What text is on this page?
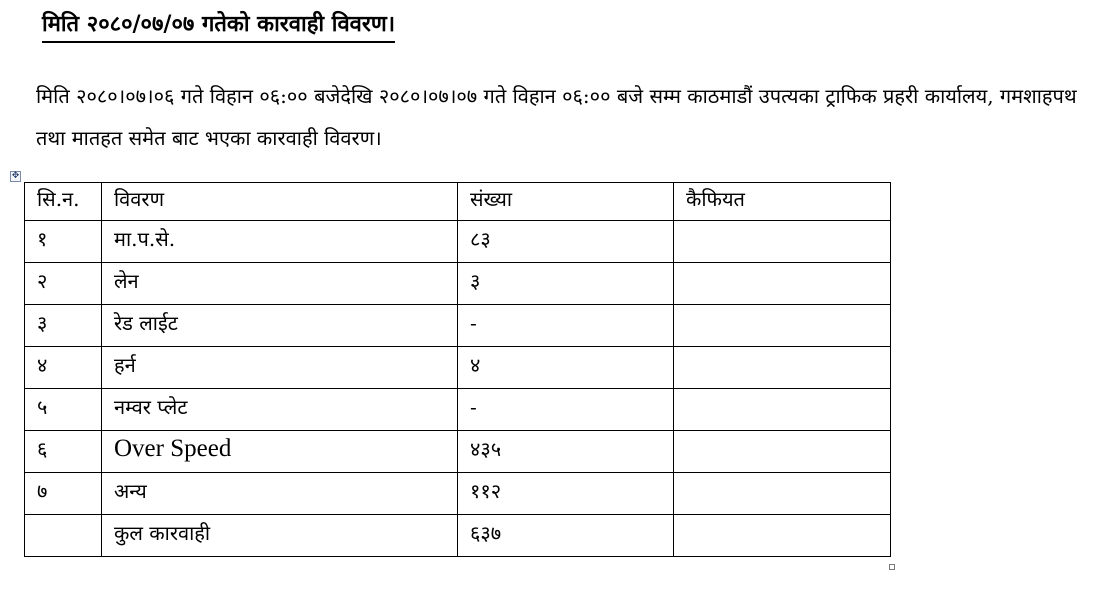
मिति २०८०/०७/०७ गतेको कारवाही विवरण।

मिति २०८०।०७।०६ गते विहान ०६:०० बजेदेखि २०८०।०७।०७ गते विहान ०६:०० बजे सम्म काठमाडौं उपत्यका ट्राफिक प्रहरी कार्यालय, गमशाहपथ तथा मातहत समेत बाट भएका कारवाही विवरण।

✥
सि.न.	विवरण	संख्या	कैफियत
१	मा.प.से.	८३	
२	लेन	३	
३	रेड लाईट	-	
४	हर्न	४	
५	नम्वर प्लेट	-	
६	Over Speed	४३५	
७	अन्य	११२	
	कुल कारवाही	६३७	
